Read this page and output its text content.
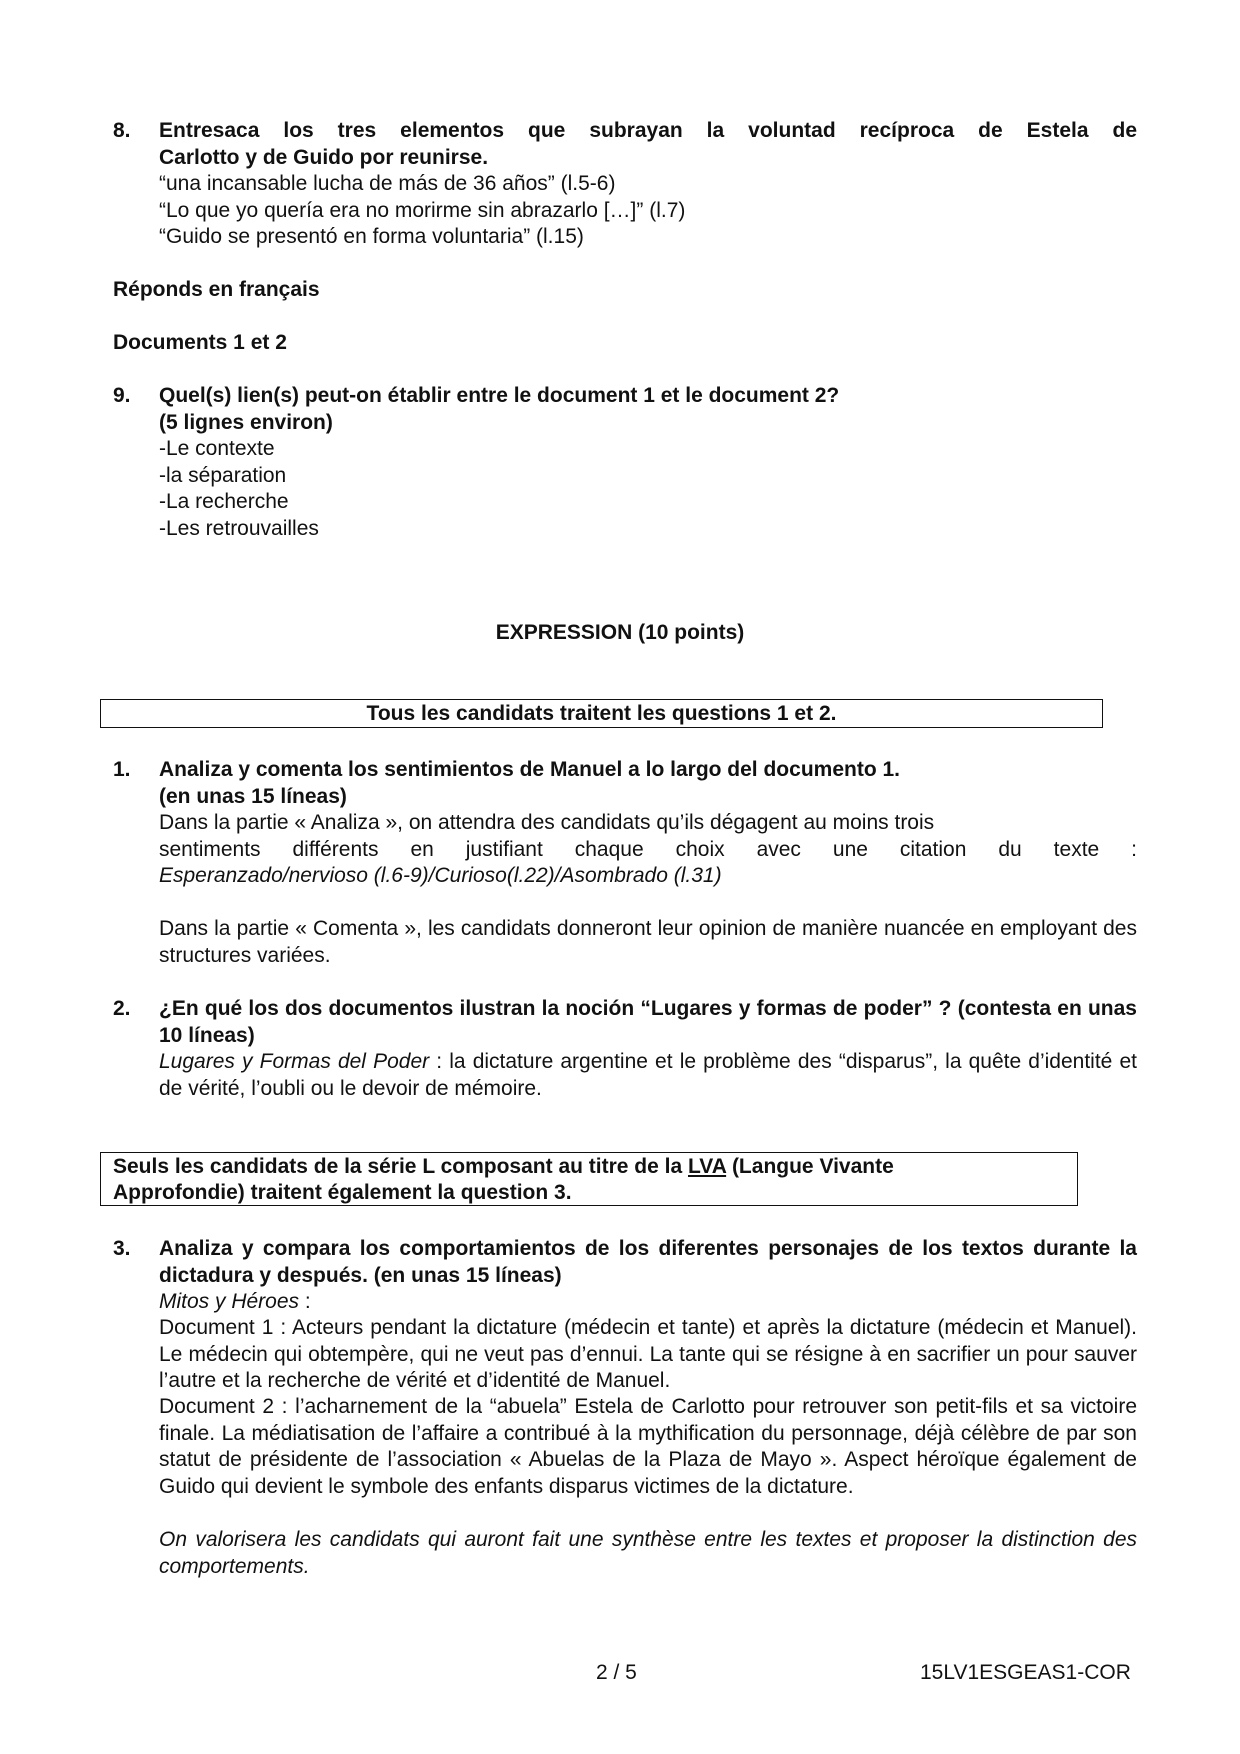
8. Entresaca los tres elementos que subrayan la voluntad recíproca de Estela de
Carlotto y de Guido por reunirse.
“una incansable lucha de más de 36 años” (l.5-6)
“Lo que yo quería era no morirme sin abrazarlo […]” (l.7)
“Guido se presentó en forma voluntaria” (l.15)
Réponds en français
Documents 1 et 2
9. Quel(s) lien(s) peut-on établir entre le document 1 et le document 2?
(5 lignes environ)
-Le contexte
-la séparation
-La recherche
-Les retrouvailles
EXPRESSION (10 points)
Tous les candidats traitent les questions 1 et 2.
1. Analiza y comenta los sentimientos de Manuel a lo largo del documento 1.
(en unas 15 líneas)
Dans la partie « Analiza », on attendra des candidats qu’ils dégagent au moins trois
sentiments différents en justifiant chaque choix avec une citation du texte :
Esperanzado/nervioso (l.6-9)/Curioso(l.22)/Asombrado (l.31)
Dans la partie « Comenta », les candidats donneront leur opinion de manière nuancée en employant des structures variées.
2. ¿En qué los dos documentos ilustran la noción “Lugares y formas de poder” ? (contesta en unas 10 líneas)
Lugares y Formas del Poder : la dictature argentine et le problème des “disparus”, la quête d’identité et de vérité, l’oubli ou le devoir de mémoire.
Seuls les candidats de la série L composant au titre de la LVA (Langue Vivante
Approfondie) traitent également la question 3.
3. Analiza y compara los comportamientos de los diferentes personajes de los textos durante la dictadura y después. (en unas 15 líneas)
Mitos y Héroes :
Document 1 : Acteurs pendant la dictature (médecin et tante) et après la dictature (médecin et Manuel). Le médecin qui obtempère, qui ne veut pas d’ennui. La tante qui se résigne à en sacrifier un pour sauver l’autre et la recherche de vérité et d’identité de Manuel.
Document 2 : l’acharnement de la “abuela” Estela de Carlotto pour retrouver son petit-fils et sa victoire finale. La médiatisation de l’affaire a contribué à la mythification du personnage, déjà célèbre de par son statut de présidente de l’association « Abuelas de la Plaza de Mayo ». Aspect héroïque également de Guido qui devient le symbole des enfants disparus victimes de la dictature.
On valorisera les candidats qui auront fait une synthèse entre les textes et proposer la distinction des comportements.
2 / 5	15LV1ESGEAS1-COR
